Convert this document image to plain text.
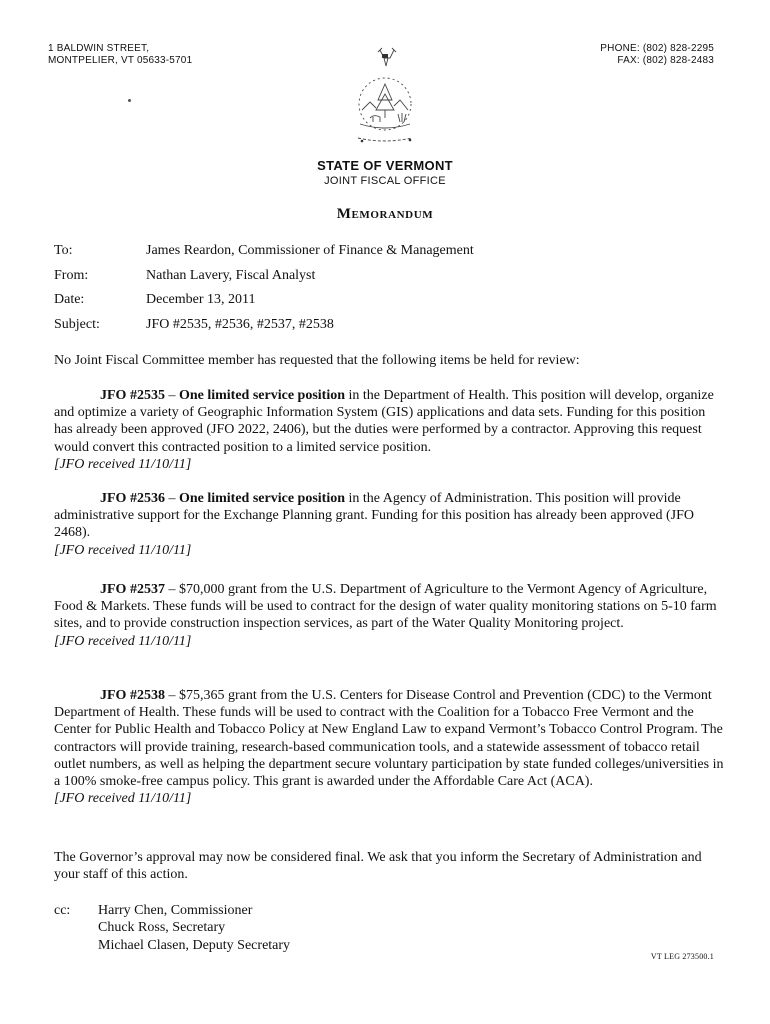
1 BALDWIN STREET,
MONTPELIER, VT 05633-5701
PHONE: (802) 828-2295
FAX: (802) 828-2483
STATE OF VERMONT
JOINT FISCAL OFFICE
Memorandum
To:	James Reardon, Commissioner of Finance & Management
From:	Nathan Lavery, Fiscal Analyst
Date:	December 13, 2011
Subject:	JFO #2535, #2536, #2537, #2538
No Joint Fiscal Committee member has requested that the following items be held for review:
JFO #2535 – One limited service position in the Department of Health. This position will develop, organize and optimize a variety of Geographic Information System (GIS) applications and data sets. Funding for this position has already been approved (JFO 2022, 2406), but the duties were performed by a contractor. Approving this request would convert this contracted position to a limited service position.
[JFO received 11/10/11]
JFO #2536 – One limited service position in the Agency of Administration. This position will provide administrative support for the Exchange Planning grant. Funding for this position has already been approved (JFO 2468).
[JFO received 11/10/11]
JFO #2537 – $70,000 grant from the U.S. Department of Agriculture to the Vermont Agency of Agriculture, Food & Markets. These funds will be used to contract for the design of water quality monitoring stations on 5-10 farm sites, and to provide construction inspection services, as part of the Water Quality Monitoring project.
[JFO received 11/10/11]
JFO #2538 – $75,365 grant from the U.S. Centers for Disease Control and Prevention (CDC) to the Vermont Department of Health. These funds will be used to contract with the Coalition for a Tobacco Free Vermont and the Center for Public Health and Tobacco Policy at New England Law to expand Vermont’s Tobacco Control Program. The contractors will provide training, research-based communication tools, and a statewide assessment of tobacco retail outlet numbers, as well as helping the department secure voluntary participation by state funded colleges/universities in a 100% smoke-free campus policy. This grant is awarded under the Affordable Care Act (ACA).
[JFO received 11/10/11]
The Governor’s approval may now be considered final. We ask that you inform the Secretary of Administration and your staff of this action.
cc:	Harry Chen, Commissioner
Chuck Ross, Secretary
Michael Clasen, Deputy Secretary
VT LEG 273500.1
